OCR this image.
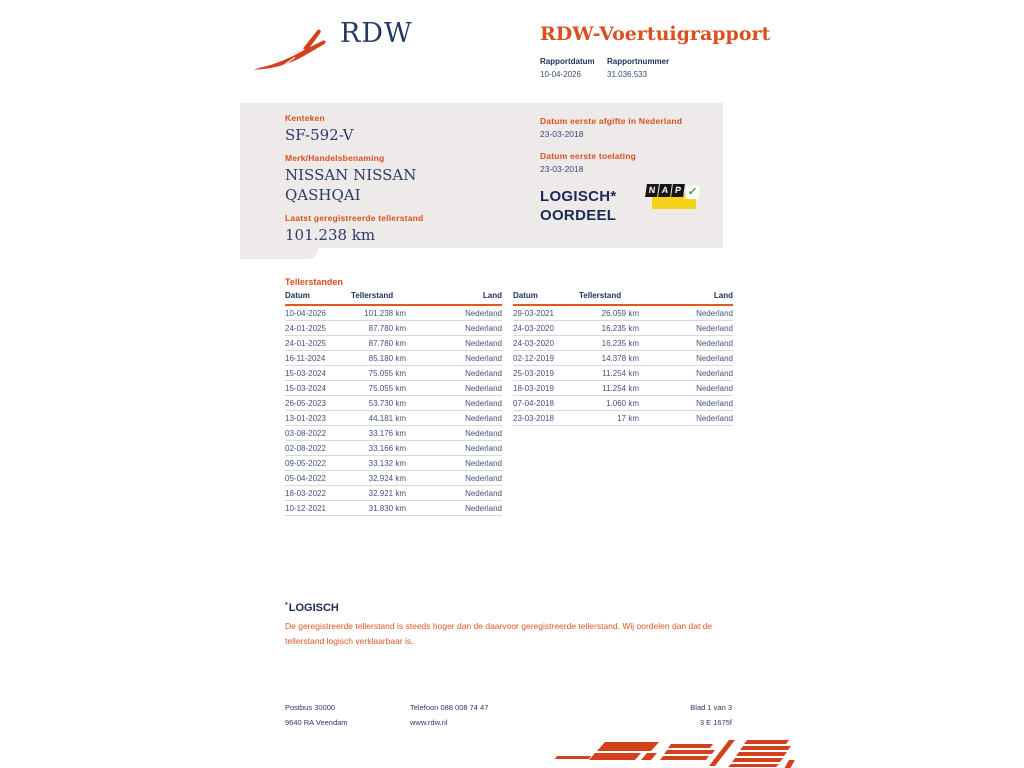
RDW	RDW-Voertuigrapport
Rapportdatum
10-04-2026
Rapportnummer
31.036.533
Kenteken
SF-592-V
Merk/Handelsbenaming
NISSAN NISSAN QASHQAI
Laatst geregistreerde tellerstand
101.238 km
Datum eerste afgifte in Nederland
23-03-2018
Datum eerste toelating
23-03-2018
LOGISCH*
OORDEEL
N A P ✓
Tellerstanden
Datum	Tellerstand	Land
10-04-2026	101.238 km	Nederland
24-01-2025	87.780 km	Nederland
24-01-2025	87.780 km	Nederland
16-11-2024	85.180 km	Nederland
15-03-2024	75.055 km	Nederland
15-03-2024	75.055 km	Nederland
26-05-2023	53.730 km	Nederland
13-01-2023	44.181 km	Nederland
03-08-2022	33.176 km	Nederland
02-08-2022	33.166 km	Nederland
09-05-2022	33.132 km	Nederland
05-04-2022	32.924 km	Nederland
18-03-2022	32.921 km	Nederland
10-12-2021	31.830 km	Nederland
Datum	Tellerstand	Land
29-03-2021	26.059 km	Nederland
24-03-2020	16.235 km	Nederland
24-03-2020	16.235 km	Nederland
02-12-2019	14.378 km	Nederland
25-03-2019	11.254 km	Nederland
18-03-2019	11.254 km	Nederland
07-04-2018	1.060 km	Nederland
23-03-2018	17 km	Nederland
*LOGISCH
De geregistreerde tellerstand is steeds hoger dan de daarvoor geregistreerde tellerstand. Wij oordelen dan dat de tellerstand logisch verklaarbaar is.
Postbus 30000
9640 RA Veendam
Telefoon 088 008 74 47
www.rdw.nl
Blad 1 van 3
3 E 1675f
